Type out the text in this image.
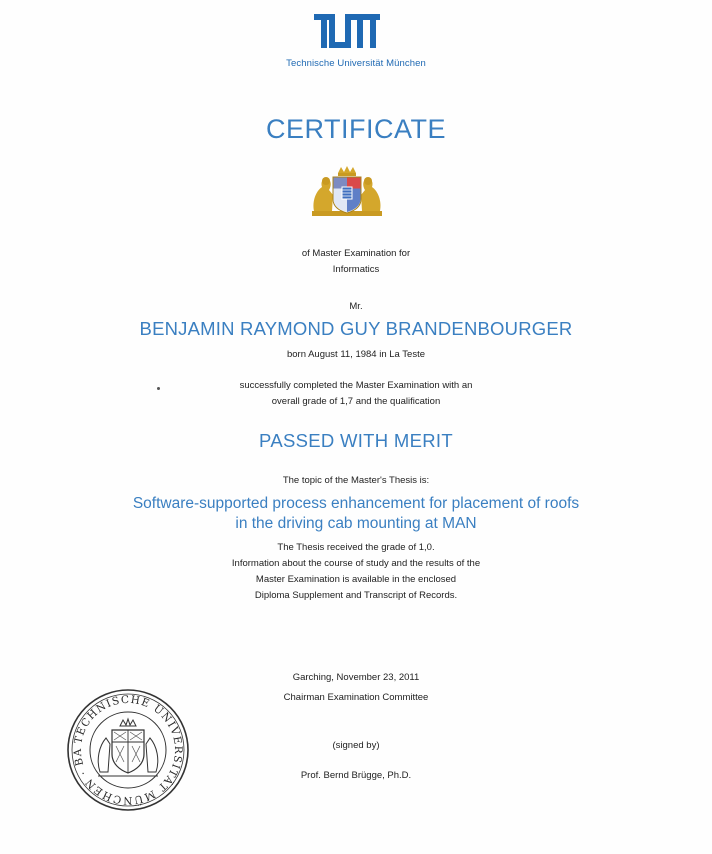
Technische Universität München
CERTIFICATE
of Master Examination for
Informatics
Mr.
BENJAMIN RAYMOND GUY BRANDENBOURGER
born August 11, 1984 in La Teste
successfully completed the Master Examination with an
overall grade of 1,7 and the qualification
PASSED WITH MERIT
The topic of the Master's Thesis is:
Software-supported process enhancement for placement of roofs
in the driving cab mounting at MAN
The Thesis received the grade of 1,0.
Information about the course of study and the results of the
Master Examination is available in the enclosed
Diploma Supplement and Transcript of Records.
Garching, November 23, 2011
Chairman Examination Committee
(signed by)
Prof. Bernd Brügge, Ph.D.
TECHNISCHE UNIVERSITÄT MÜNCHEN · BA
